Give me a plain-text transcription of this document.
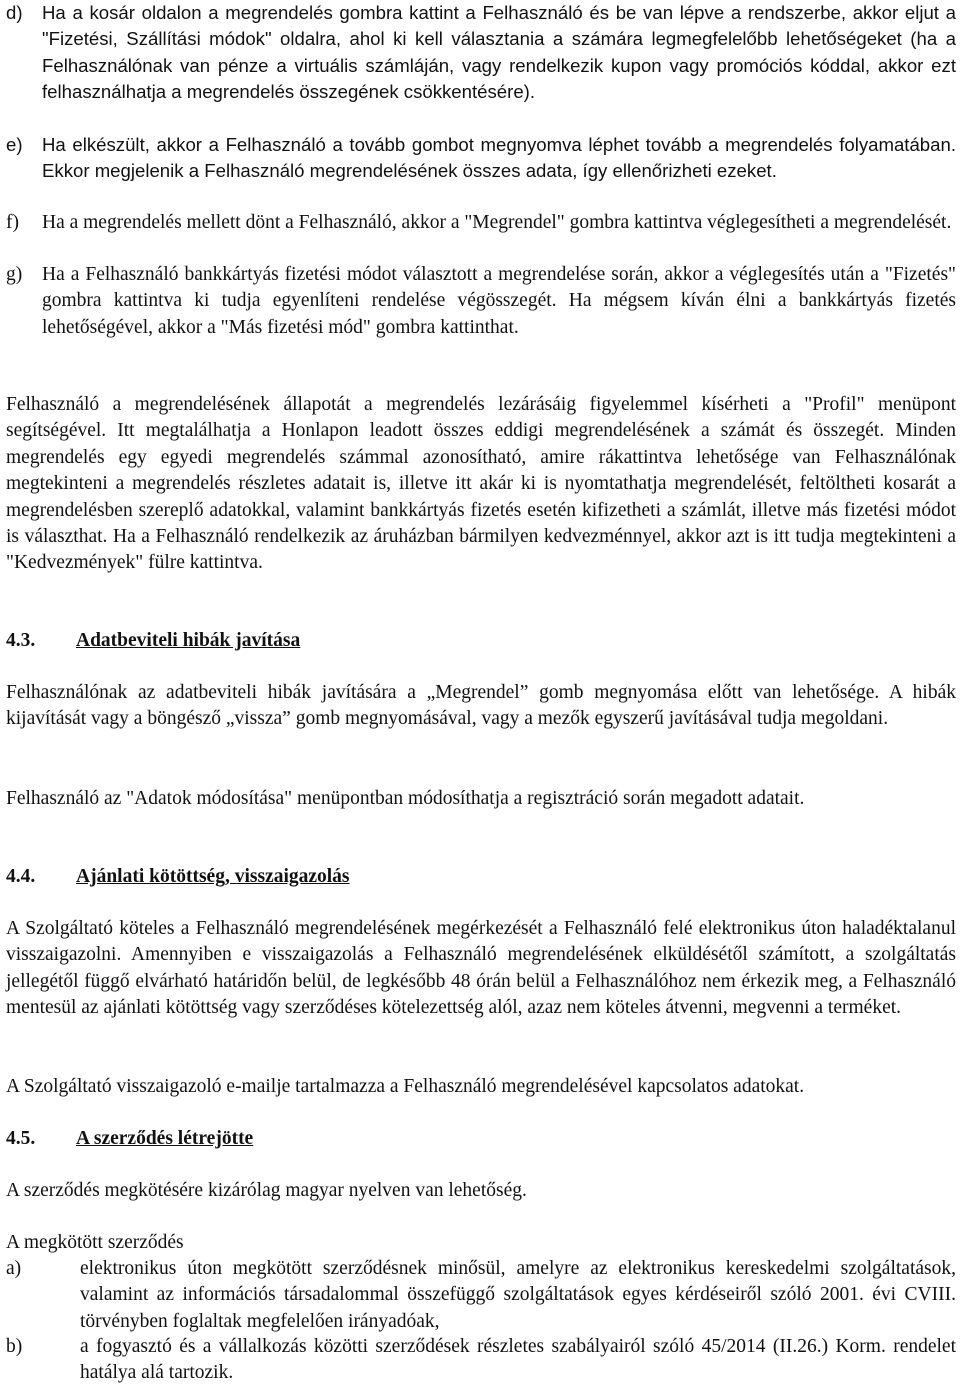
d) Ha a kosár oldalon a megrendelés gombra kattint a Felhasználó és be van lépve a rendszerbe, akkor eljut a "Fizetési, Szállítási módok" oldalra, ahol ki kell választania a számára legmegfelelőbb lehetőségeket (ha a Felhasználónak van pénze a virtuális számláján, vagy rendelkezik kupon vagy promóciós kóddal, akkor ezt felhasználhatja a megrendelés összegének csökkentésére).
e) Ha elkészült, akkor a Felhasználó a tovább gombot megnyomva léphet tovább a megrendelés folyamatában. Ekkor megjelenik a Felhasználó megrendelésének összes adata, így ellenőrizheti ezeket.
f) Ha a megrendelés mellett dönt a Felhasználó, akkor a "Megrendel" gombra kattintva véglegesítheti a megrendelését.
g) Ha a Felhasználó bankkártyás fizetési módot választott a megrendelése során, akkor a véglegesítés után a "Fizetés" gombra kattintva ki tudja egyenlíteni rendelése végösszegét. Ha mégsem kíván élni a bankkártyás fizetés lehetőségével, akkor a "Más fizetési mód" gombra kattinthat.
Felhasználó a megrendelésének állapotát a megrendelés lezárásáig figyelemmel kísérheti a "Profil" menüpont segítségével. Itt megtalálhatja a Honlapon leadott összes eddigi megrendelésének a számát és összegét. Minden megrendelés egy egyedi megrendelés számmal azonosítható, amire rákattintva lehetősége van Felhasználónak megtekinteni a megrendelés részletes adatait is, illetve itt akár ki is nyomtathatja megrendelését, feltöltheti kosarát a megrendelésben szereplő adatokkal, valamint bankkártyás fizetés esetén kifizetheti a számlát, illetve más fizetési módot is választhat. Ha a Felhasználó rendelkezik az áruházban bármilyen kedvezménnyel, akkor azt is itt tudja megtekinteni a "Kedvezmények" fülre kattintva.
4.3. Adatbeviteli hibák javítása
Felhasználónak az adatbeviteli hibák javítására a „Megrendel” gomb megnyomása előtt van lehetősége. A hibák kijavítását vagy a böngésző „vissza” gomb megnyomásával, vagy a mezők egyszerű javításával tudja megoldani.
Felhasználó az "Adatok módosítása" menüpontban módosíthatja a regisztráció során megadott adatait.
4.4. Ajánlati kötöttség, visszaigazolás
A Szolgáltató köteles a Felhasználó megrendelésének megérkezését a Felhasználó felé elektronikus úton haladéktalanul visszaigazolni. Amennyiben e visszaigazolás a Felhasználó megrendelésének elküldésétől számított, a szolgáltatás jellegétől függő elvárható határidőn belül, de legkésőbb 48 órán belül a Felhasználóhoz nem érkezik meg, a Felhasználó mentesül az ajánlati kötöttség vagy szerződéses kötelezettség alól, azaz nem köteles átvenni, megvenni a terméket.
A Szolgáltató visszaigazoló e-mailje tartalmazza a Felhasználó megrendelésével kapcsolatos adatokat.
4.5. A szerződés létrejötte
A szerződés megkötésére kizárólag magyar nyelven van lehetőség.
A megkötött szerződés
a)	elektronikus úton megkötött szerződésnek minősül, amelyre az elektronikus kereskedelmi szolgáltatások, valamint az információs társadalommal összefüggő szolgáltatások egyes kérdéseiről szóló 2001. évi CVIII. törvényben foglaltak megfelelően irányadóak,
b)	a fogyasztó és a vállalkozás közötti szerződések részletes szabályairól szóló 45/2014 (II.26.) Korm. rendelet hatálya alá tartozik.
